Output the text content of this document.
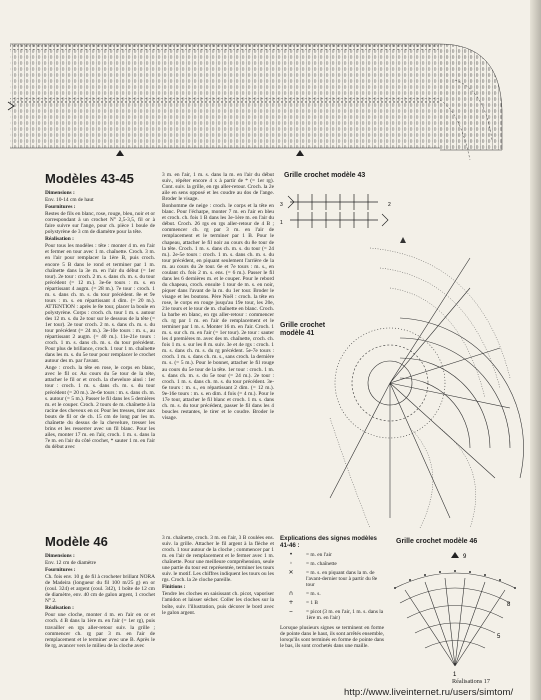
Modèles 43-45

Dimensions :

Env. 10-14 cm de haut

Fournitures :

Restes de fils en blanc, rose, rouge, bleu, noir et or correspondant à un crochet N° 2,5-3,5, fil or à faire suivre sur l'ange, pour ch. pièce 1 boule de polystyrène de 3 cm de diamètre pour la tête.

Réalisation :

Pour tous les modèles : tête : monter 4 m. en l'air et fermer en tour avec 1 m. chaînette. Croch. 3 m. en l'air pour remplacer la 1ère B, puis croch. encore 5 B dans le rond et terminer par 1 m. chaînette dans la 3e m. en l'air du début (= 1er tour). 2e tour : croch. 2 m. s. dans ch. m. s. du tour précédent (= 12 m.). 3e-6e tours : m. s. en répartissant 4 augm. (= 28 m.). 7e tour : croch. 1 m. s. dans ch. m. s. du tour précédent. 8e et 9e tours : m. s. en répartissant 4 dim. (= 20 m.). ATTENTION : après le 8e tour, placer la boule en polystyrène. Corps : croch. ch. tour 1 m. s. autour des 12 m. s. du 2e tour sur le dessous de la tête (= 1er tour). 2e tour croch. 2 m. s. dans ch. m. s. du tour précédent (= 24 m.). 3e-10e tours : m. s., au répartissant 2 augm. (= 40 m.). 11e-21e tours : croch. 1 m. s. dans ch. m. s. du tour précédent. Pour plus de brillance, croch. 1 tour 1 m. chaînette dans les m. s. du 5e tour pour remplacer le crochet autour des m. par l'avant.

Ange : croch. la tête en rose, le corps en blanc, avec le fil or. Au cours du 5e tour de la tête, attacher le fil or et croch. la chevelure ainsi : 1er tour : croch. 1 m. s. dans ch. m. s. du tour précédent (= 20 m.). 2e-6e tours : m. s. dans ch. m. s. autour (= 5 m.). Passer le fil dans les 5 dernières m. et le couper. Croch. 2 tours de m. chaînette à la racine des cheveux en or. Pour les tresses, tirer aux bouts de fil or de ch. 15 cm de long par les m. chaînette du dessus de la chevelure, tresser les brins et les resserrer avec un fil blanc. Pour les ailes, monter 17 m. en l'air, croch. 1 m. s. dans la 7e m. en l'air du côté crochet, * sauter 1 m. en l'air du début avec

3 m. en l'air, 1 m. s. dans la m. en l'air du début suiv., répéter encore 4 x à partir de * (= 1er rg). Cont. suiv. la grille, en rgs aller-retour. Croch. la 2e aile en sens opposé et les coudre au dos de l'ange. Broder le visage.

Bonhomme de neige : croch. le corps et la tête en blanc. Pour l'écharpe, monter 7 m. en l'air en bleu et croch. ch. fois 1 B dans les 3e-1ère m. en l'air du début. Croch. 26 rgs en rgs aller-retour de 4 B ; commencer ch. rg par 3 m. en l'air de remplacement et le terminer par 1 B. Pour le chapeau, attacher le fil noir au cours du 8e tour de la tête. Croch. 1 m. s. dans ch. m. s. du tour (= 24 m.). 2e-5e tours : croch. 1 m. s. dans ch. m. s. du tour précédent, en piquant seulement l'arrière de la m. au cours du 2e tour. 6e et 7e tours : m. s., en coulant ch. fois 2 m. s. ens. (= 6 m.). Passer le fil dans les 6 dernières m. et le couper. Pour le rebord du chapeau, croch. ensuite 1 tour de m. s. en noir, piquer dans l'avant de la m. du 1er tour. Broder le visage et les boutons. Père Noël : croch. la tête en rose, le corps en rouge jusqu'au 19e tour, les 20e, 21e tours et le tour de m. chaînette en blanc. Croch. la barbe en blanc, en rgs aller-retour : commencer ch. rg par 1 m. en l'air de remplacement et le terminer par 1 m. s. Monter 16 m. en l'air. Croch. 1 m. s. sur ch. m. en l'air (= 1er tour). 2e tour : sauter les 4 premières m. avec des m. chaînette, croch. ch. fois 1 m. s. sur les 8 m. suiv. 3e et 4e rgs : croch. 1 m. s. dans ch. m. s. du rg précédent. 5e-7e tours : croch. 1 m. s. dans ch. m. s., sans croch. la dernière m. s. (= 5 m.). Pour le bonnet, attacher le fil rouge au cours du 5e tour de la tête. 1er tour : croch. 1 m. s. dans ch. m. s. du 5e tour (= 24 m.). 2e tour : croch. 1 m. s. dans ch. m. s. du tour précédent. 3e-6e tours : m. s., en répartissant 2 dim. (= 12 m.). 9e-16e tours : m. s. en dim. 4 fois (= 4 m.). Pour le 17e tour, attacher le fil blanc et croch. 1 m. s. dans ch. m. s. du tour précédent, passer le fil dans les 4 boucles restantes, le tirer et le coudre. Broder le visage.

Grille crochet modèle 43
3
1
2
Grille crochet
modèle 41
Modèle 46

Dimensions :

Env. 12 cm de diamètre

Fournitures :

Ch. fois env. 10 g de fil à crocheter brillant NORA de Madeira (longueur du fil 100 m/25 g) en or (coul. 324) et argent (coul. 342), 1 boîte de 12 cm de diamètre, env. 40 cm de galon argent, 1 crochet N° 2.

Réalisation :

Pour une cloche, monter 4 m. en l'air en or et croch. 4 B dans la 1ère m. en l'air (= 1er rg), puis travailler en rgs aller-retour suiv. la grille ; commencer ch. rg par 3 m. en l'air de remplacement et le terminer avec une B. Après le 8e rg, avancer vers le milieu de la cloche avec

3 m. chaînette, croch. 3 m. en l'air, 3 B coulées ens. suiv. la grille. Attacher le fil argent à la flèche et croch. 1 tour autour de la cloche ; commencer par 1 m. en l'air de remplacement et le fermer avec 1 m. chaînette. Pour une meilleure compréhension, seule une partie du tour est représentée, terminer les tours suiv. le motif. Les chiffres indiquent les tours ou les rgs. Croch. la 2e cloche pareille.

Finitions :

Tendre les cloches en saisissant ch. picot, vaporiser l'amidon et laisser sécher. Coller les cloches sur la boîte, suiv. l'illustration, puis décorer le bord avec le galon argent.

Explications des signes modèles 41-46 :
•	= m. en l'air
◦	= m. chaînette
✕	= m. s. en piquant dans la m. de l'avant-dernier tour à partir du 8e tour
∩	= m. s.
+	= 1 B
⌣	= picot (3 m. en l'air, 1 m. s. dans la 1ère m. en l'air)

Lorsque plusieurs signes se terminent en forme de pointe dans le haut, ils sont arrêtés ensemble, lorsqu'ils sont terminés en forme de pointe dans le bas, ils sont crochetés dans une maille.

Grille crochet modèle 46
9
8
5
1
Réalisations 17
http://www.liveinternet.ru/users/simtom/
